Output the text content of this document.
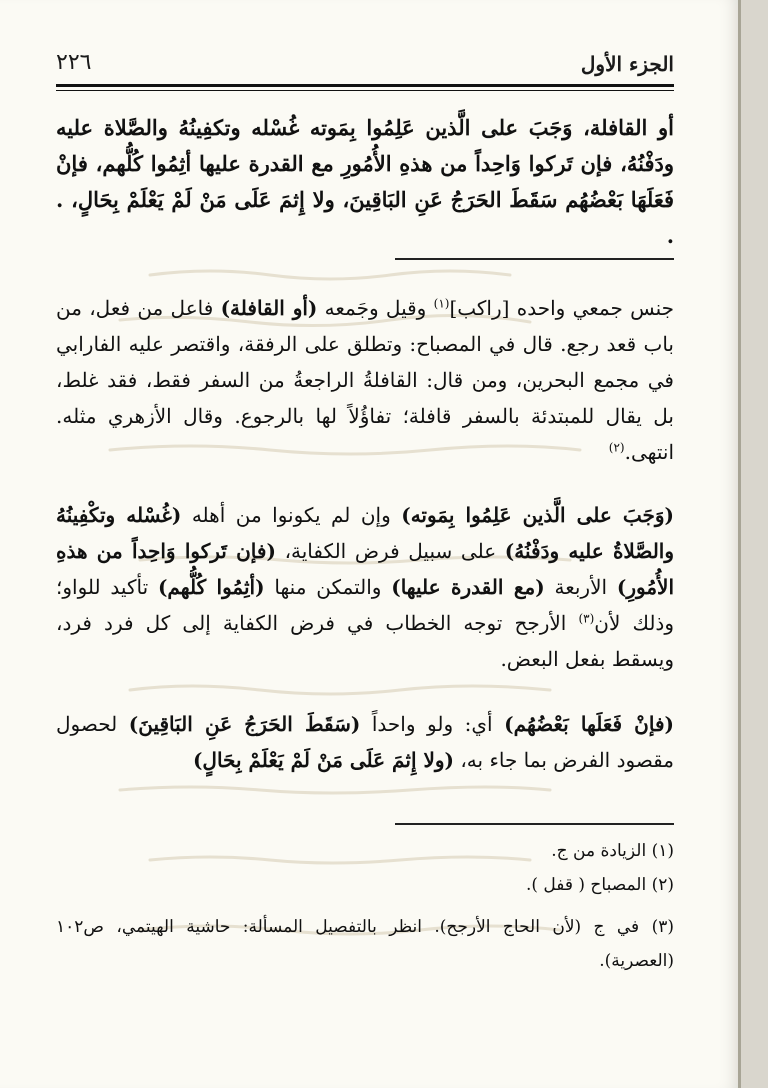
الجزء الأول
٢٢٦

أو القافلة، وَجَبَ على الَّذين عَلِمُوا بِمَوته غُسْله وتكفِينُهُ والصَّلاة عليه ودَفْنُهُ، فإن تَركوا وَاحِداً من هذهِ الأُمُورِ مع القدرة عليها أثِمُوا كُلُّهم، فإنْ فَعَلَهَا بَعْضُهُم سَقَطَ الحَرَجُ عَنِ البَاقِينَ، ولا إِثمَ عَلَى مَنْ لَمْ يَعْلَمْ بِحَالٍ، . .

جنس جمعي واحده [راكب]$^{(١)}$ وقيل وجَمعه (أو القافلة) فاعل من فعل، من باب قعد رجع. قال في المصباح: وتطلق على الرفقة، واقتصر عليه الفارابي في مجمع البحرين، ومن قال: القافلةُ الراجعةُ من السفر فقط، فقد غلط، بل يقال للمبتدئة بالسفر قافلة؛ تفاؤُلاً لها بالرجوع. وقال الأزهري مثله. انتهى.$^{(٢)}$

(وَجَبَ على الَّذين عَلِمُوا بِمَوته) وإن لم يكونوا من أهله (غُسْله وتكْفِينُهُ والصَّلاةُ عليه ودَفْنُهُ) على سبيل فرض الكفاية، (فإن تَركوا وَاحِداً من هذهِ الأُمُورِ) الأربعة (مع القدرة عليها) والتمكن منها (أثِمُوا كُلُّهم) تأكيد للواو؛ وذلك لأن$^{(٣)}$ الأرجح توجه الخطاب في فرض الكفاية إلى كل فرد فرد، ويسقط بفعل البعض.

(فإنْ فَعَلَها بَعْضُهُم) أي: ولو واحداً (سَقَطَ الحَرَجُ عَنِ البَاقِينَ) لحصول مقصود الفرض بما جاء به، (ولا إِثمَ عَلَى مَنْ لَمْ يَعْلَمْ بِحَالٍ)

(١) الزيادة من ج.

(٢) المصباح ( قفل ).

(٣) في ج (لأن الحاج الأرجح). انظر بالتفصيل المسألة: حاشية الهيتمي، ص١٠٢ (العصرية).
